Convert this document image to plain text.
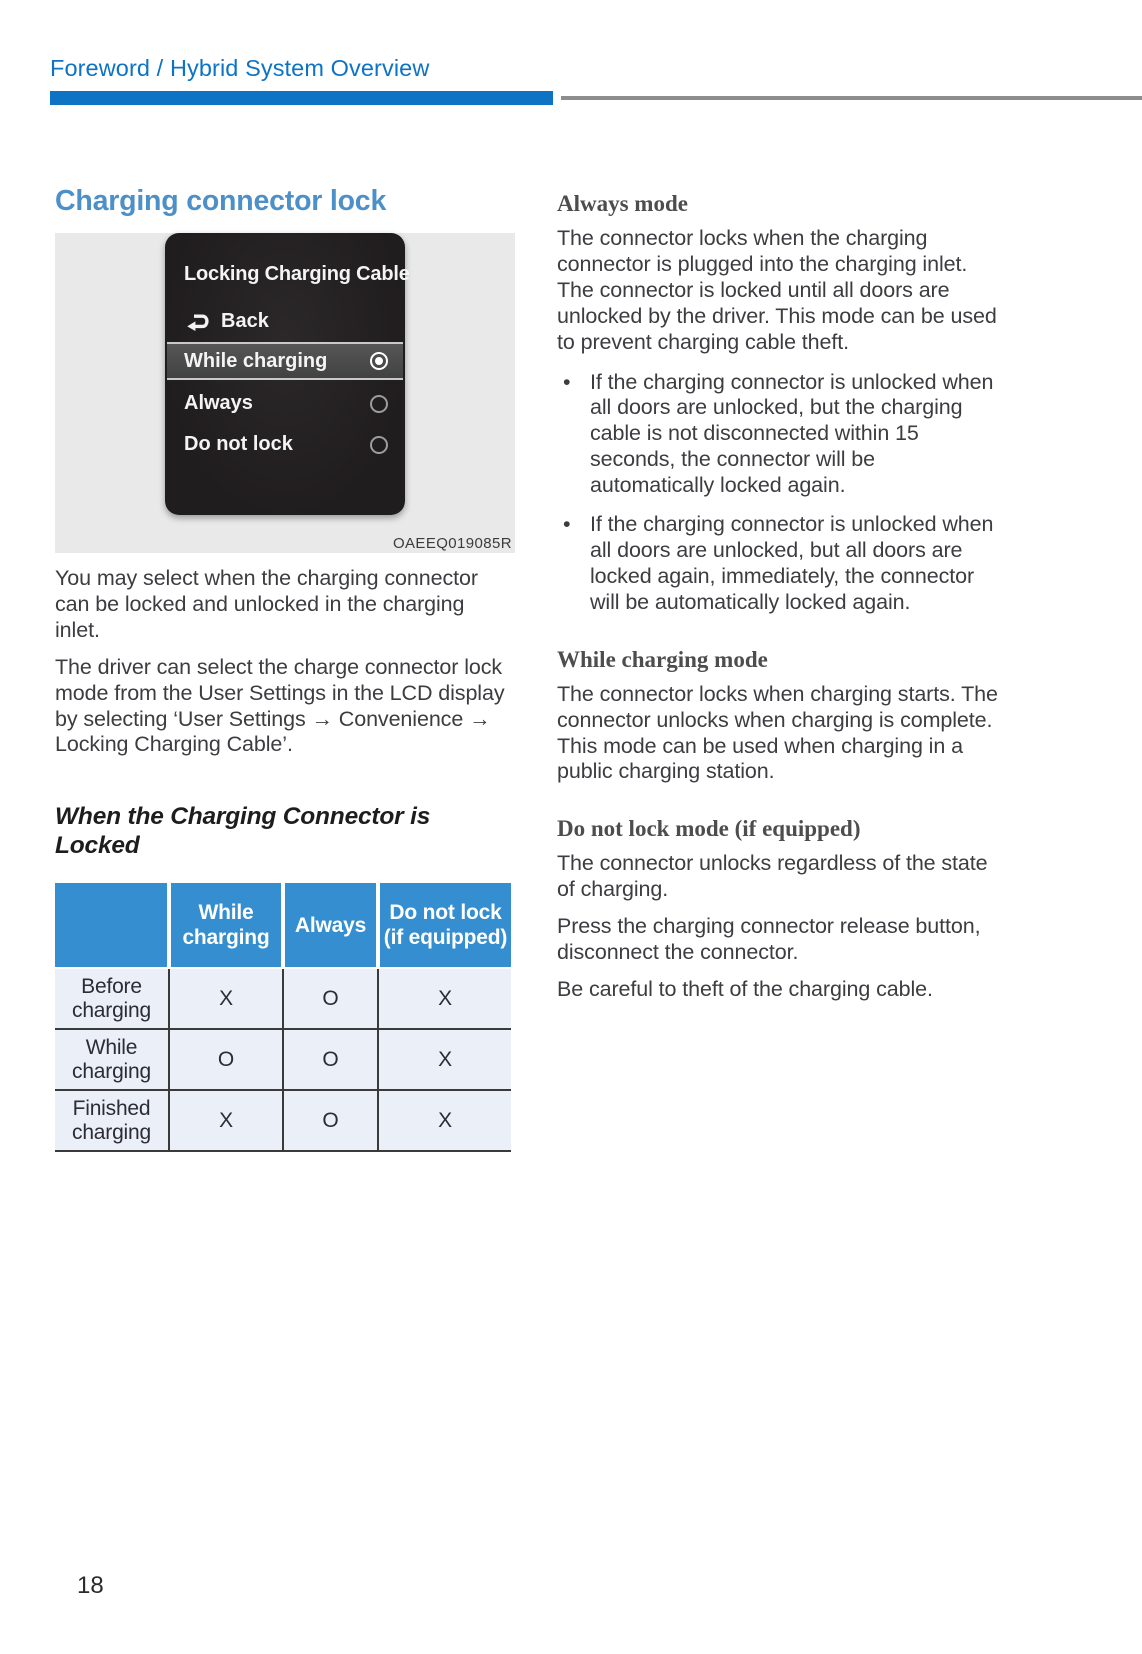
Foreword / Hybrid System Overview
Charging connector lock
Locking Charging Cable
Back
While charging
Always
Do not lock
OAEEQ019085R

You may select when the charging connector can be locked and unlocked in the charging inlet.

The driver can select the charge connector lock mode from the User Settings in the LCD display by selecting ‘User Settings → Convenience → Locking Charging Cable’.

When the Charging Connector is Locked
	While charging	Always	Do not lock (if equipped)
Before charging	X	O	X
While charging	O	O	X
Finished charging	X	O	X
Always mode

The connector locks when the charging connector is plugged into the charging inlet. The connector is locked until all doors are unlocked by the driver. This mode can be used to prevent charging cable theft.

• If the charging connector is unlocked when all doors are unlocked, but the charging cable is not disconnected within 15 seconds, the connector will be automatically locked again.
• If the charging connector is unlocked when all doors are unlocked, but all doors are locked again, immediately, the connector will be automatically locked again.
While charging mode

The connector locks when charging starts. The connector unlocks when charging is complete. This mode can be used when charging in a public charging station.

Do not lock mode (if equipped)

The connector unlocks regardless of the state of charging.

Press the charging connector release button, disconnect the connector.

Be careful to theft of the charging cable.

18
